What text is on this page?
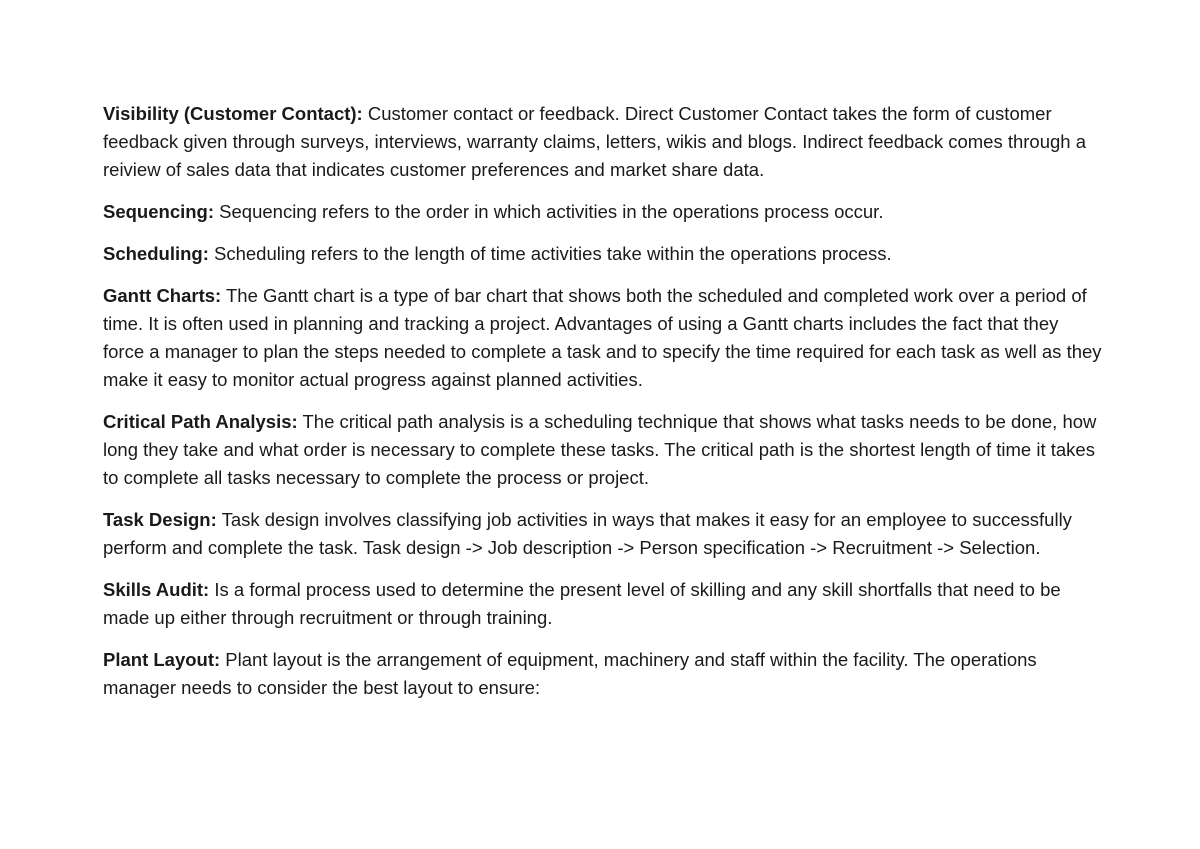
Visibility (Customer Contact): Customer contact or feedback. Direct Customer Contact takes the form of customer feedback given through surveys, interviews, warranty claims, letters, wikis and blogs. Indirect feedback comes through a reiview of sales data that indicates customer preferences and market share data.

Sequencing: Sequencing refers to the order in which activities in the operations process occur.

Scheduling: Scheduling refers to the length of time activities take within the operations process.

Gantt Charts: The Gantt chart is a type of bar chart that shows both the scheduled and completed work over a period of time. It is often used in planning and tracking a project. Advantages of using a Gantt charts includes the fact that they force a manager to plan the steps needed to complete a task and to specify the time required for each task as well as they make it easy to monitor actual progress against planned activities.

Critical Path Analysis: The critical path analysis is a scheduling technique that shows what tasks needs to be done, how long they take and what order is necessary to complete these tasks. The critical path is the shortest length of time it takes to complete all tasks necessary to complete the process or project.

Task Design: Task design involves classifying job activities in ways that makes it easy for an employee to successfully perform and complete the task. Task design -> Job description -> Person specification -> Recruitment -> Selection.

Skills Audit: Is a formal process used to determine the present level of skilling and any skill shortfalls that need to be made up either through recruitment or through training.

Plant Layout: Plant layout is the arrangement of equipment, machinery and staff within the facility. The operations manager needs to consider the best layout to ensure:
